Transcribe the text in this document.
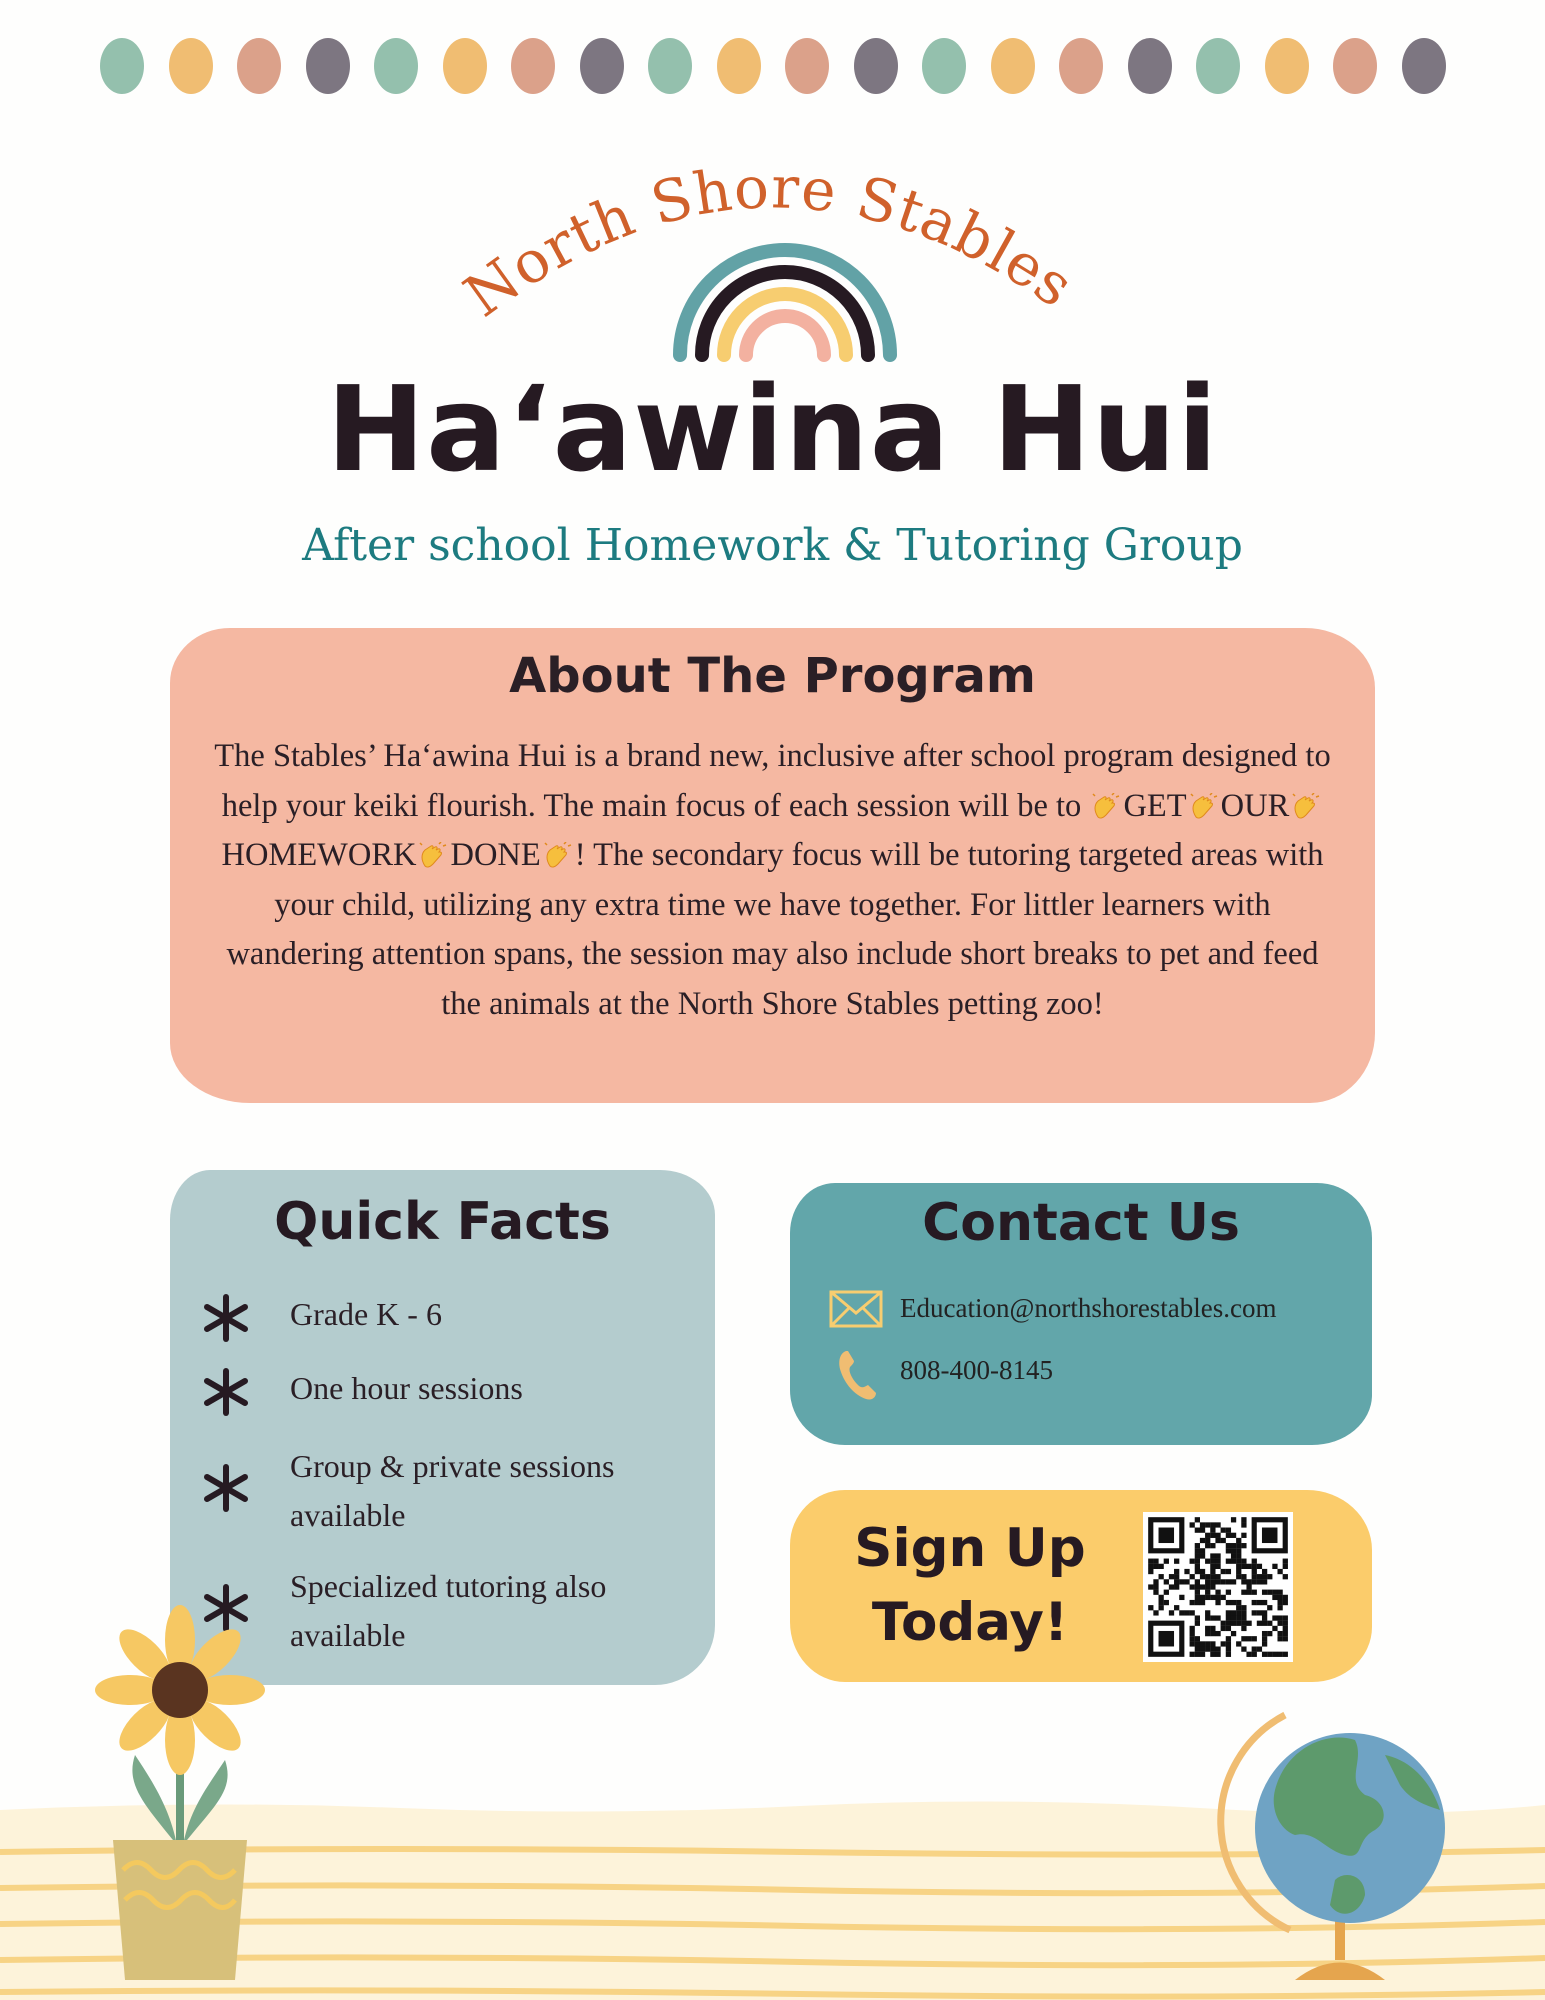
North Shore Stables
Ha‘awina Hui
After school Homework & Tutoring Group
About The Program

The Stables’ Haʻawina Hui is a brand new, inclusive after school program designed to help your keiki flourish. The main focus of each session will be to GET OURHOMEWORK DONE ! The secondary focus will be tutoring targeted areas with your child, utilizing any extra time we have together. For littler learners with wandering attention spans, the session may also include short breaks to pet and feed the animals at the North Shore Stables petting zoo!

Quick Facts
Grade K - 6
One hour sessions
Group & private sessions available
Specialized tutoring also available
Contact Us
Education@northshorestables.com
808-400-8145
Sign Up
Today!
